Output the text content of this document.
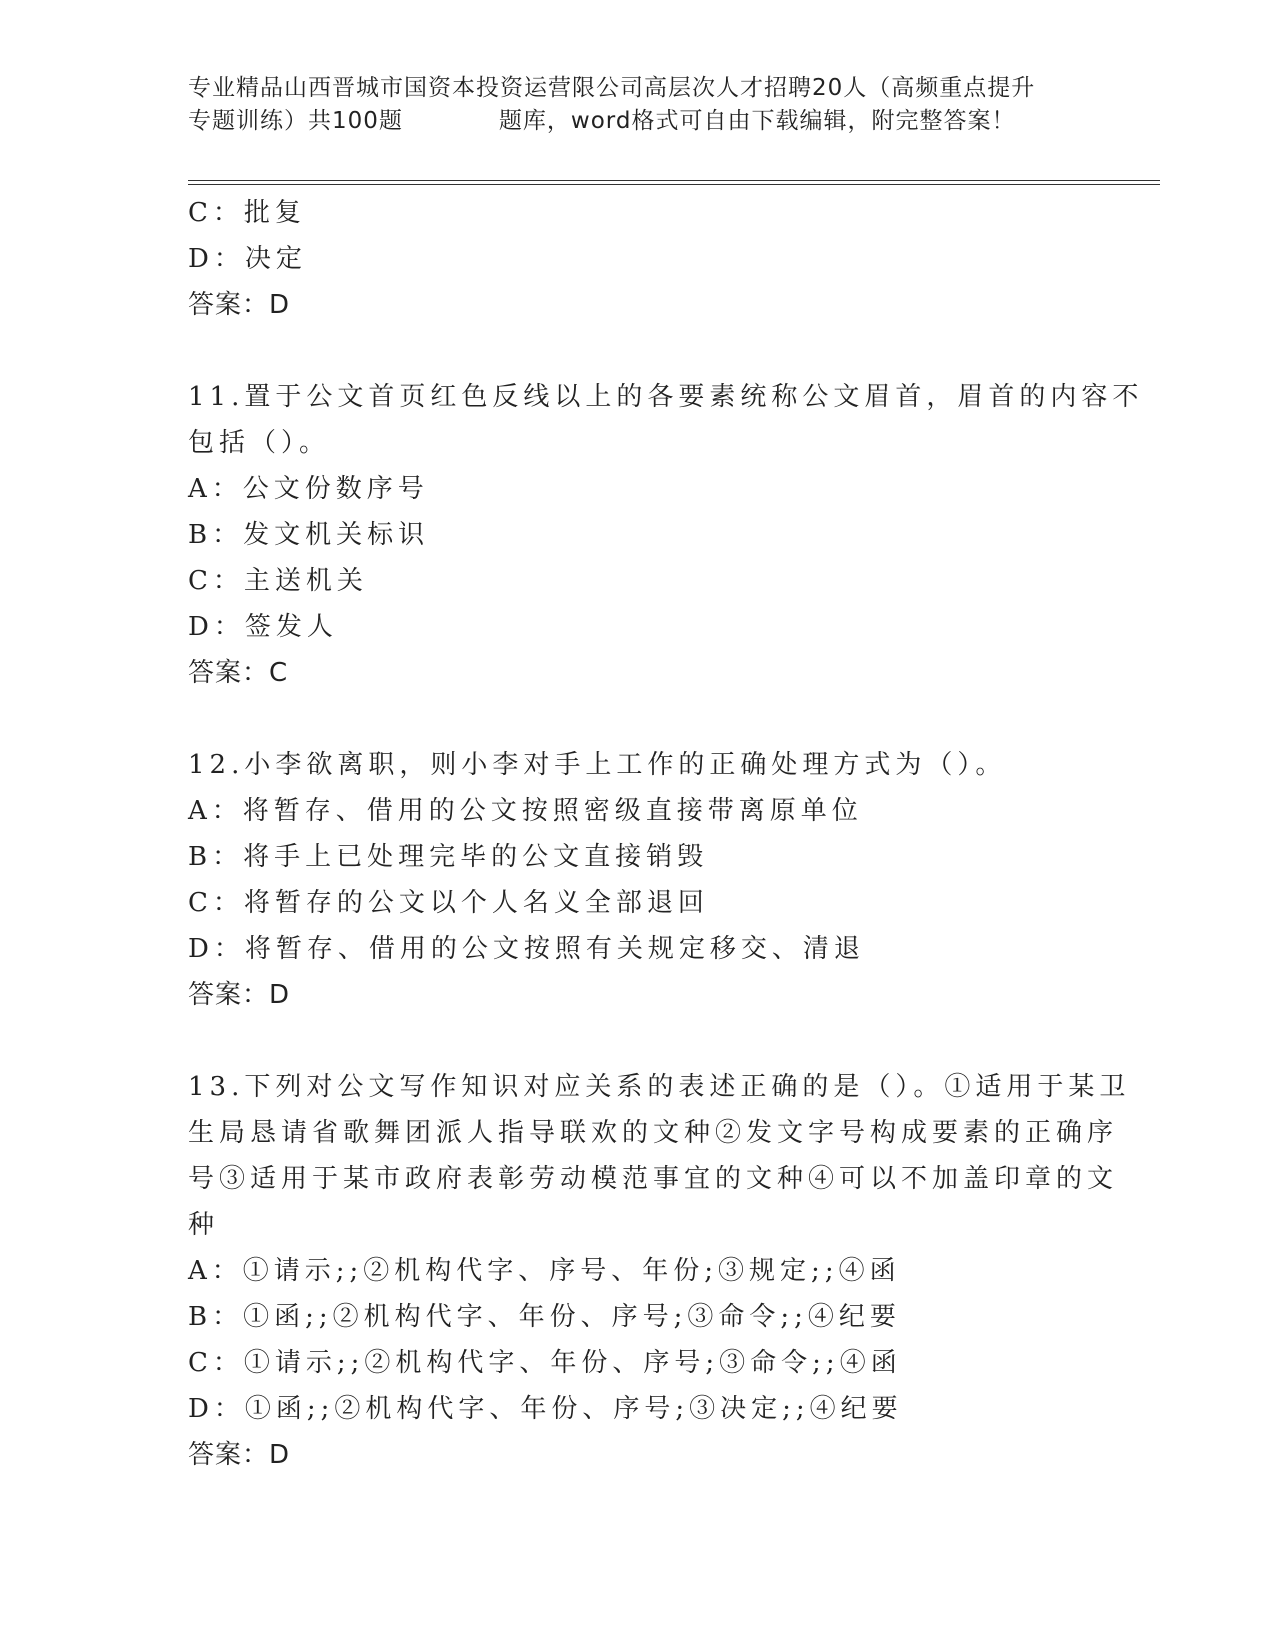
专业精品山西晋城市国资本投资运营限公司高层次人才招聘20人（高频重点提升
专题训练）共100题	题库，word格式可自由下载编辑，附完整答案！
C：批复
D：决定
答案：D
11.置于公文首页红色反线以上的各要素统称公文眉首，眉首的内容不
包括（）。
A：公文份数序号
B：发文机关标识
C：主送机关
D：签发人
答案：C
12.小李欲离职，则小李对手上工作的正确处理方式为（）。
A：将暂存、借用的公文按照密级直接带离原单位
B：将手上已处理完毕的公文直接销毁
C：将暂存的公文以个人名义全部退回
D：将暂存、借用的公文按照有关规定移交、清退
答案：D
13.下列对公文写作知识对应关系的表述正确的是（）。①适用于某卫
生局恳请省歌舞团派人指导联欢的文种②发文字号构成要素的正确序
号③适用于某市政府表彰劳动模范事宜的文种④可以不加盖印章的文
种
A：①请示;;②机构代字、序号、年份;③规定;;④函
B：①函;;②机构代字、年份、序号;③命令;;④纪要
C：①请示;;②机构代字、年份、序号;③命令;;④函
D：①函;;②机构代字、年份、序号;③决定;;④纪要
答案：D
